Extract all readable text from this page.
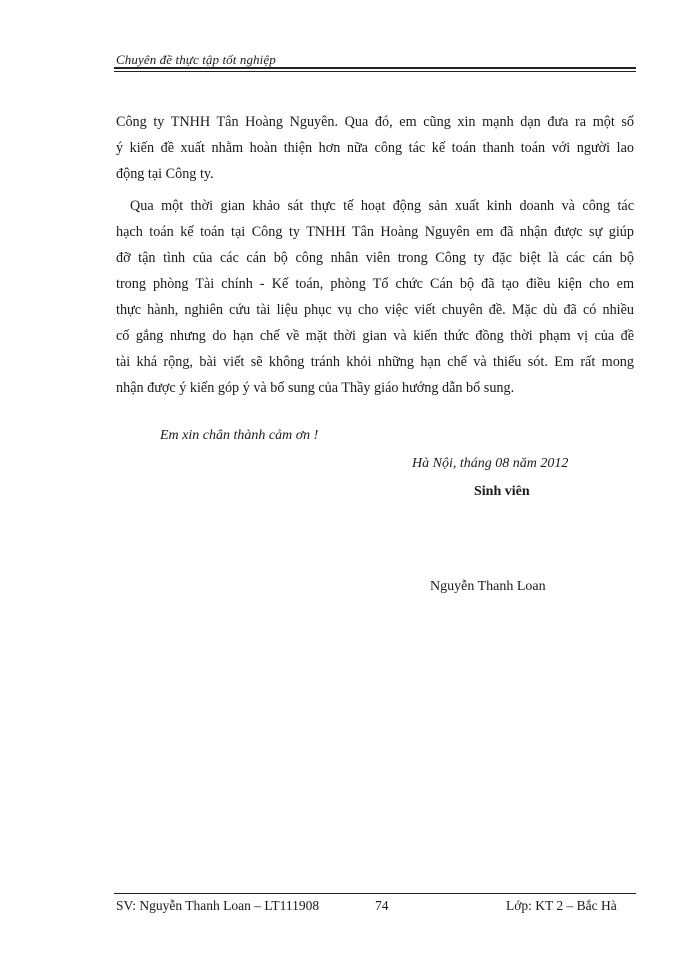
Chuyên đề thực tập tốt nghiệp
Công ty TNHH Tân Hoàng Nguyên. Qua đó, em cũng xin mạnh dạn đưa ra một số
ý kiến đề xuất nhằm hoàn thiện hơn nữa công tác kế toán thanh toán với người lao
động tại Công ty.
Qua một thời gian khảo sát thực tế hoạt động sản xuất kinh doanh và công tác
hạch toán kế toán tại Công ty TNHH Tân Hoàng Nguyên em đã nhận được sự giúp
đỡ tận tình của các cán bộ công nhân viên trong Công ty đặc biệt là các cán bộ
trong phòng Tài chính - Kế toán, phòng Tổ chức Cán bộ đã tạo điều kiện cho em
thực hành, nghiên cứu tài liệu phục vụ cho việc viết chuyên đề. Mặc dù đã có nhiều
cố gắng nhưng do hạn chế về mặt thời gian và kiến thức đồng thời phạm vị của đề
tài khá rộng, bài viết sẽ không tránh khỏi những hạn chế và thiếu sót. Em rất mong
nhận được ý kiến góp ý và bổ sung của Thầy giáo hướng dẫn bổ sung.
Em xin chân thành cảm ơn !
Hà Nội, tháng 08 năm 2012
Sinh viên
Nguyễn Thanh Loan
SV: Nguyễn Thanh Loan – LT111908	74	Lớp: KT 2 – Bắc Hà
